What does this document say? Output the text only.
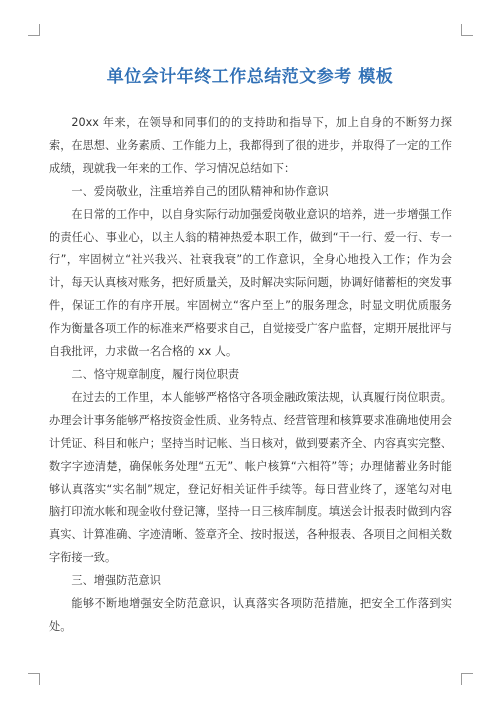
单位会计年终工作总结范文参考 模板

20xx 年来，在领导和同事们的的支持助和指导下，加上自身的不断努力探索，在思想、业务素质、工作能力上，我都得到了很的进步，并取得了一定的工作成绩，现就我一年来的工作、学习情况总结如下：

一、爱岗敬业，注重培养自己的团队精神和协作意识

在日常的工作中，以自身实际行动加强爱岗敬业意识的培养，进一步增强工作的责任心、事业心，以主人翁的精神热爱本职工作，做到“干一行、爱一行、专一行”，牢固树立“社兴我兴、社衰我衰”的工作意识，全身心地投入工作；作为会计，每天认真核对账务，把好质量关，及时解决实际问题，协调好储蓄柜的突发事件，保证工作的有序开展。牢固树立“客户至上”的服务理念，时显文明优质服务作为衡量各项工作的标准来严格要求自己，自觉接受广客户监督，定期开展批评与自我批评，力求做一名合格的 xx 人。

二、恪守规章制度，履行岗位职责

在过去的工作里，本人能够严格恪守各项金融政策法规，认真履行岗位职责。办理会计事务能够严格按资金性质、业务特点、经营管理和核算要求准确地使用会计凭证、科目和帐户；坚持当时记帐、当日核对，做到要素齐全、内容真实完整、数字字迹清楚，确保帐务处理“五无”、帐户核算“六相符”等；办理储蓄业务时能够认真落实“实名制”规定，登记好相关证件手续等。每日营业终了，逐笔勾对电脑打印流水帐和现金收付登记簿，坚持一日三核库制度。填送会计报表时做到内容真实、计算准确、字迹清晰、签章齐全、按时报送，各种报表、各项目之间相关数字衔接一致。

三、增强防范意识

能够不断地增强安全防范意识，认真落实各项防范措施，把安全工作落到实处。
